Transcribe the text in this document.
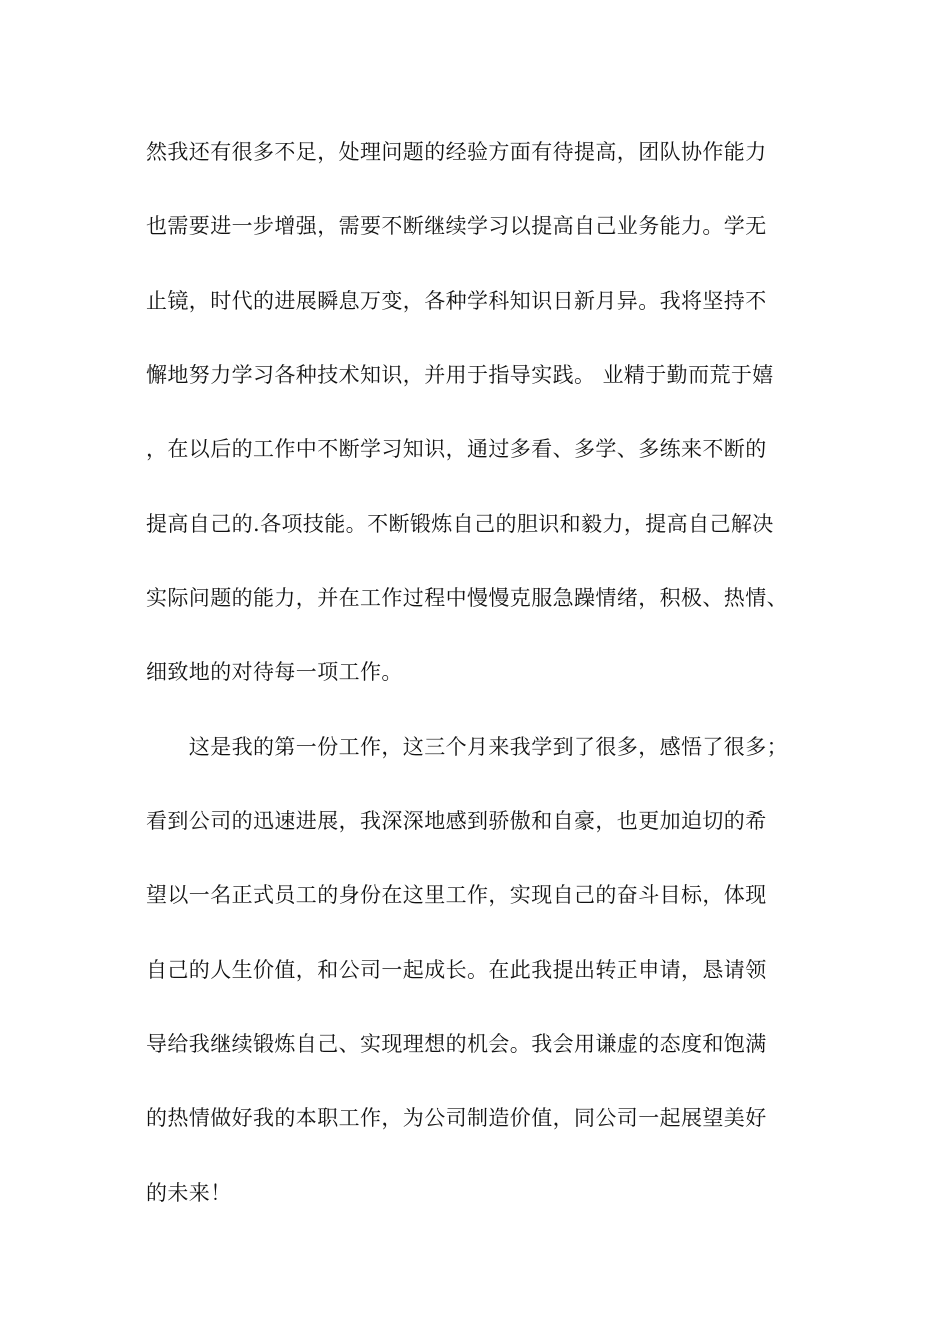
然我还有很多不足，处理问题的经验方面有待提高，团队协作能力
也需要进一步增强，需要不断继续学习以提高自己业务能力。学无
止镜，时代的进展瞬息万变，各种学科知识日新月异。我将坚持不
懈地努力学习各种技术知识，并用于指导实践。 业精于勤而荒于嬉
，在以后的工作中不断学习知识，通过多看、多学、多练来不断的
提高自己的.各项技能。不断锻炼自己的胆识和毅力，提高自己解决
实际问题的能力，并在工作过程中慢慢克服急躁情绪，积极、热情、
细致地的对待每一项工作。
　　这是我的第一份工作，这三个月来我学到了很多，感悟了很多；
看到公司的迅速进展，我深深地感到骄傲和自豪，也更加迫切的希
望以一名正式员工的身份在这里工作，实现自己的奋斗目标，体现
自己的人生价值，和公司一起成长。在此我提出转正申请，恳请领
导给我继续锻炼自己、实现理想的机会。我会用谦虚的态度和饱满
的热情做好我的本职工作，为公司制造价值，同公司一起展望美好
的未来！
